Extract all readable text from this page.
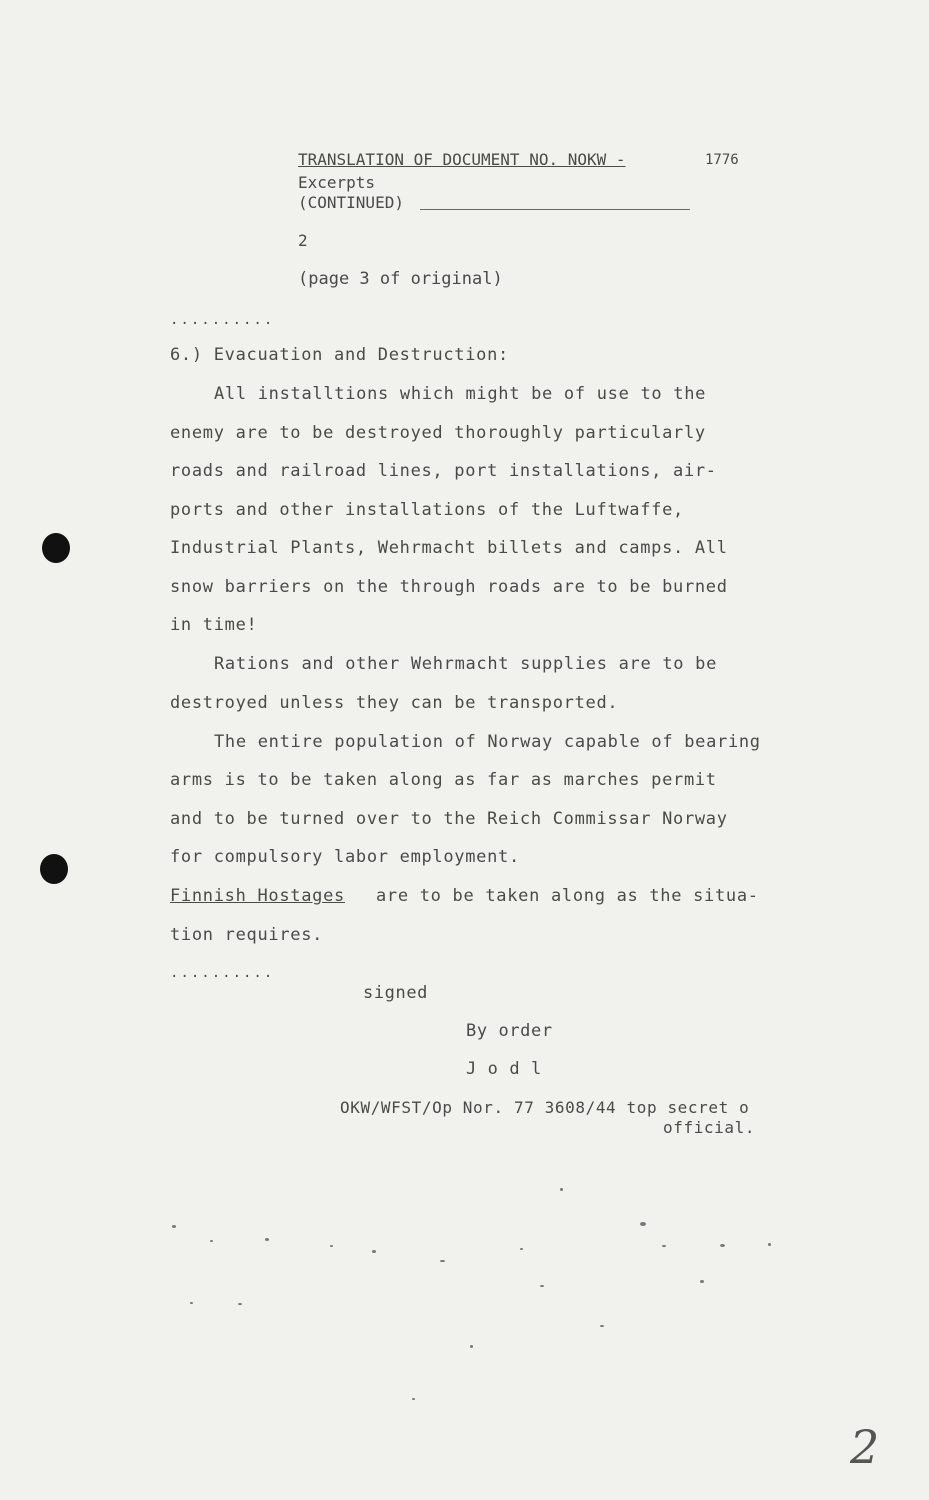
TRANSLATION OF DOCUMENT NO. NOKW -	1776
Excerpts
(CONTINUED)
2
(page 3 of original)
..........
6.) Evacuation and Destruction:
All installtions which might be of use to the
enemy are to be destroyed thoroughly particularly
roads and railroad lines, port installations, air-
ports and other installations of the Luftwaffe,
Industrial Plants, Wehrmacht billets and camps. All
snow barriers on the through roads are to be burned
in time!
Rations and other Wehrmacht supplies are to be
destroyed unless they can be transported.
The entire population of Norway capable of bearing
arms is to be taken along as far as marches permit
and to be turned over to the Reich Commissar Norway
for compulsory labor employment.
Finnish Hostages are to be taken along as the situa-
tion requires.
..........
signed
By order
J o d l
OKW/WFST/Op Nor. 77 3608/44 top secret o
official.
2
